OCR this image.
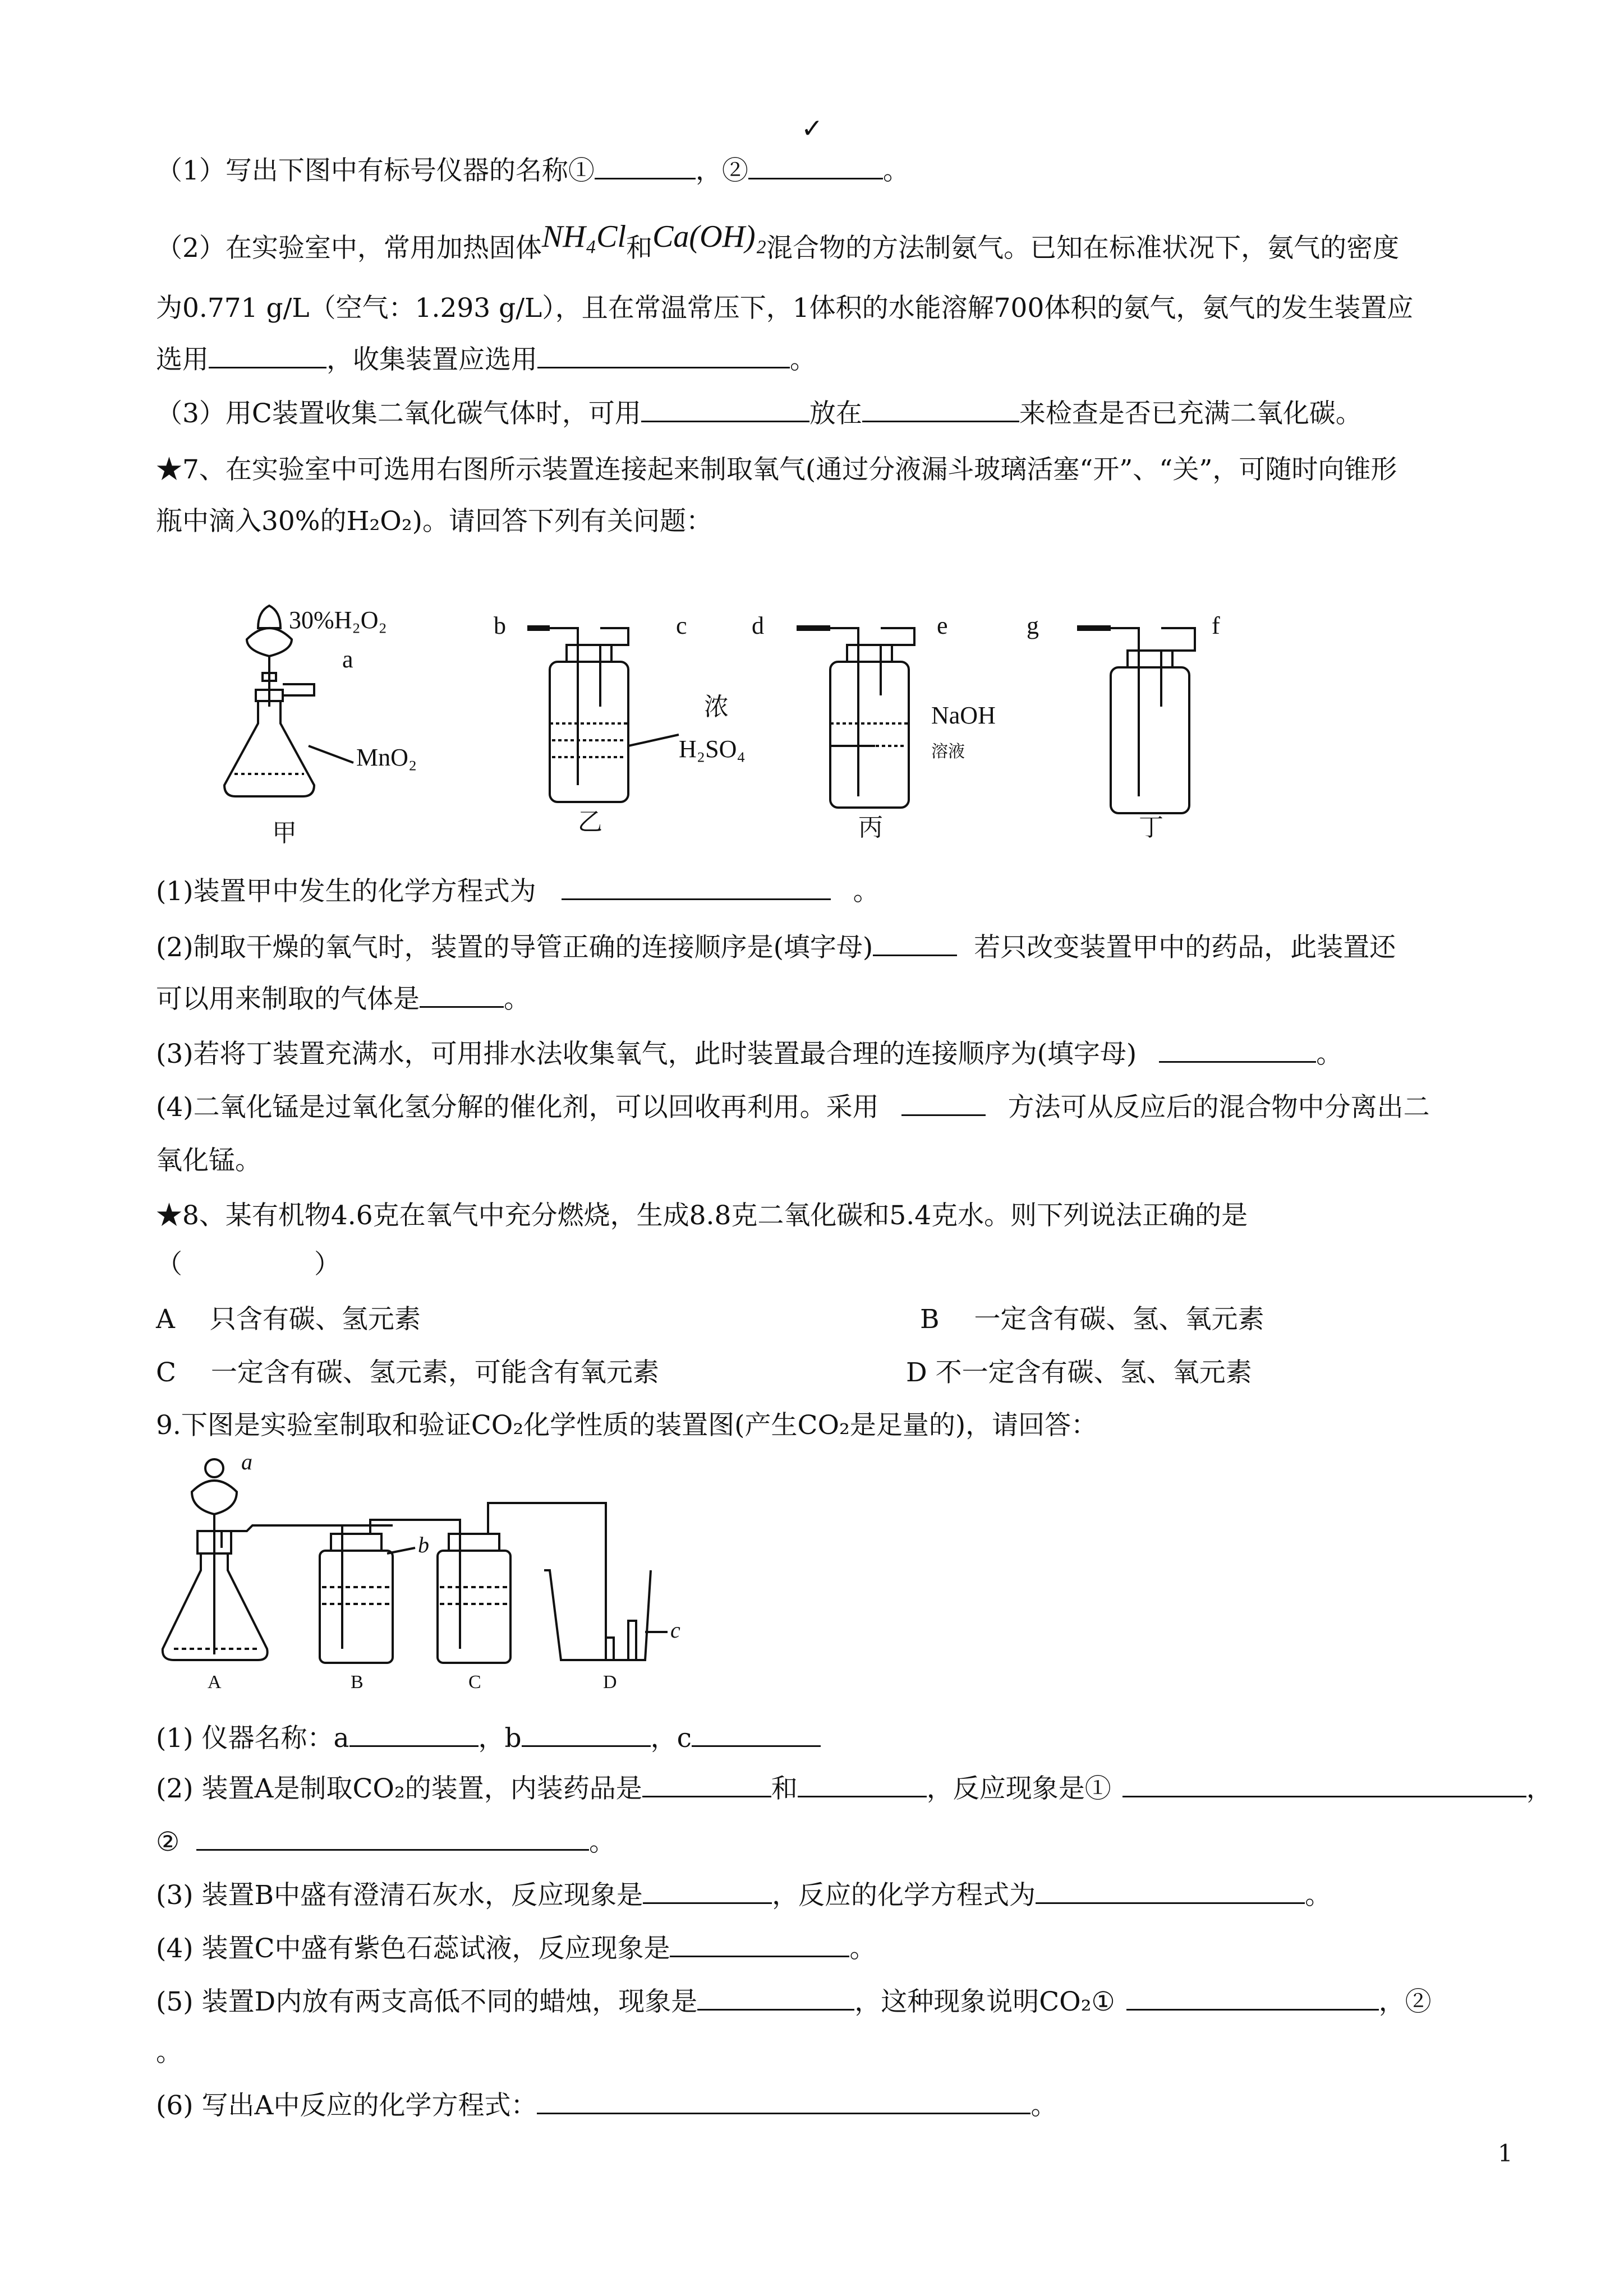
✓
（1）写出下图中有标号仪器的名称①	，②	。
（2）在实验室中，常用加热固体NH₄Cl和Ca(OH)₂混合物的方法制氨气。已知在标准状况下，氨气的密度
为0.771 g/L（空气：1.293 g/L），且在常温常压下，1体积的水能溶解700体积的氨气，氨气的发生装置应
选用	，收集装置应选用	。
（3）用C装置收集二氧化碳气体时，可用	放在	来检查是否已充满二氧化碳。
★7、在实验室中可选用右图所示装置连接起来制取氧气(通过分液漏斗玻璃活塞“开”、“关”，可随时向锥形
瓶中滴入30%的H₂O₂)。请回答下列有关问题：
30%H₂O₂
a
MnO₂
甲
b	c
浓
H₂SO₄
乙
d	e
NaOH
溶液
丙
g	f
丁
(1)装置甲中发生的化学方程式为	。
(2)制取干燥的氧气时，装置的导管正确的连接顺序是(填字母)	若只改变装置甲中的药品，此装置还
可以用来制取的气体是	。
(3)若将丁装置充满水，可用排水法收集氧气，此时装置最合理的连接顺序为(填字母)	。
(4)二氧化锰是过氧化氢分解的催化剂，可以回收再利用。采用	方法可从反应后的混合物中分离出二
氧化锰。
★8、某有机物4.6克在氧气中充分燃烧，生成8.8克二氧化碳和5.4克水。则下列说法正确的是
（　　　　　）
A　 只含有碳、氢元素	B　 一定含有碳、氢、氧元素
C　 一定含有碳、氢元素，可能含有氧元素	D 不一定含有碳、氢、氧元素
9.下图是实验室制取和验证CO₂化学性质的装置图(产生CO₂是足量的)，请回答：
a
b
c
A	B	C	D
(1) 仪器名称：a	，b	，c
(2) 装置A是制取CO₂的装置，内装药品是	和	，反应现象是①	，
②	。
(3) 装置B中盛有澄清石灰水，反应现象是	，反应的化学方程式为	。
(4) 装置C中盛有紫色石蕊试液，反应现象是	。
(5) 装置D内放有两支高低不同的蜡烛，现象是	，这种现象说明CO₂①	，②
。
(6) 写出A中反应的化学方程式：	。
1
